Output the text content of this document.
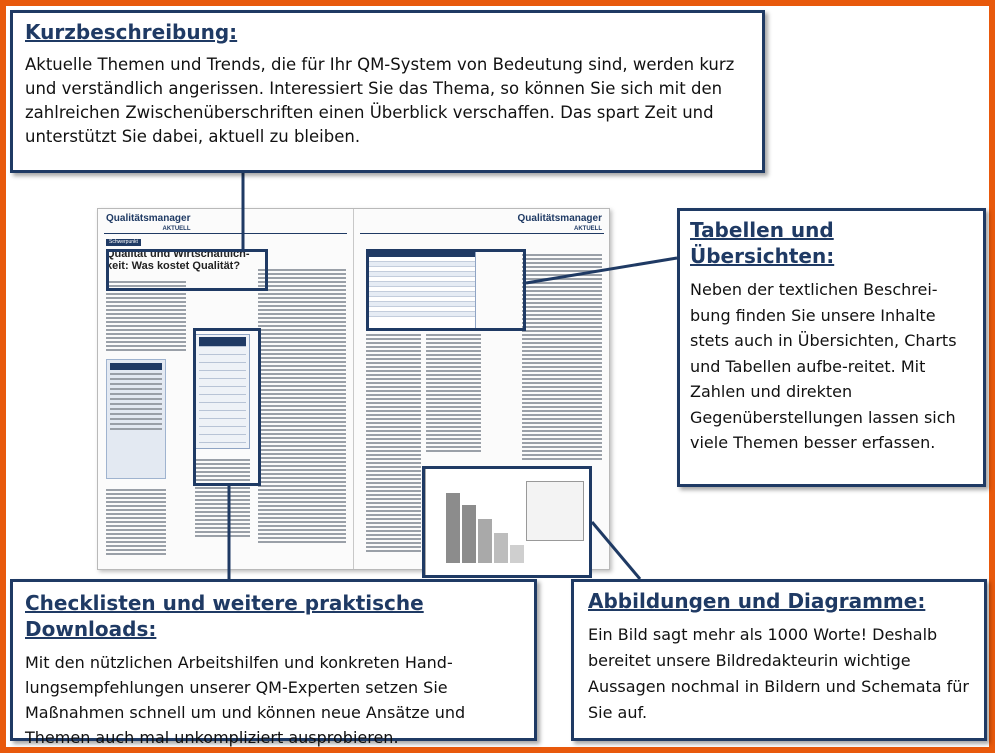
Qualitätsmanager
AKTUELL
Schwerpunkt
Qualität und Wirtschaftlich-keit: Was kostet Qualität?
Qualitätsmanager
AKTUELL
Kurzbeschreibung:

Aktuelle Themen und Trends, die für Ihr QM-System von Bedeutung sind, werden kurz und verständlich angerissen. Interessiert Sie das Thema, so können Sie sich mit den zahlreichen Zwischenüberschriften einen Überblick verschaffen. Das spart Zeit und unterstützt Sie dabei, aktuell zu bleiben.

Tabellen und Übersichten:

Neben der textlichen Beschrei-bung finden Sie unsere Inhalte stets auch in Übersichten, Charts und Tabellen aufbe-reitet. Mit Zahlen und direkten Gegenüberstellungen lassen sich viele Themen besser erfassen.

Checklisten und weitere praktische Downloads:

Mit den nützlichen Arbeitshilfen und konkreten Hand-lungsempfehlungen unserer QM-Experten setzen Sie Maßnahmen schnell um und können neue Ansätze und Themen auch mal unkompliziert ausprobieren.

Abbildungen und Diagramme:

Ein Bild sagt mehr als 1000 Worte! Deshalb bereitet unsere Bildredakteurin wichtige Aussagen nochmal in Bildern und Schemata für Sie auf.
